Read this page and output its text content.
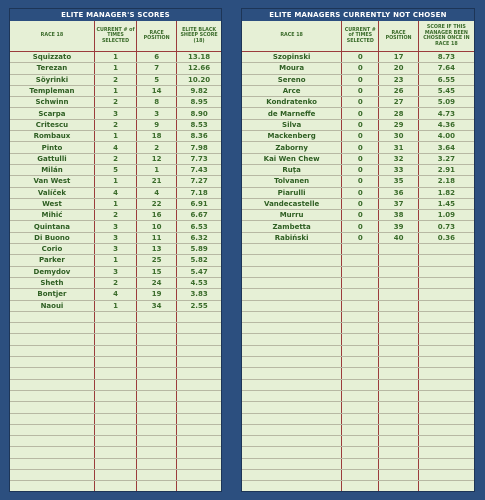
ELITE MANAGER'S SCORES			
RACE 18	CURRENT # of TIMES SELECTED	RACE POSITION	ELITE BLACK SHEEP SCORE (18)
Squizzato	1	6	13.18
Terezan	1	7	12.66
Söyrinki	2	5	10.20
Templeman	1	14	9.82
Schwinn	2	8	8.95
Scarpa	3	3	8.90
Critescu	2	9	8.53
Rombaux	1	18	8.36
Pinto	4	2	7.98
Gattulli	2	12	7.73
Milán	5	1	7.43
Van West	1	21	7.27
Valíček	4	4	7.18
West	1	22	6.91
Mihić	2	16	6.67
Quintana	3	10	6.53
Di Buono	3	11	6.32
Corio	3	13	5.89
Parker	1	25	5.82
Demydov	3	15	5.47
Sheth	2	24	4.53
Bontjer	4	19	3.83
Naoui	1	34	2.55

ELITE MANAGERS CURRENTLY NOT CHOSEN			
RACE 18	CURRENT # of TIMES SELECTED	RACE POSITION	SCORE IF THIS MANAGER BEEN CHOSEN ONCE IN RACE 18
Szopinski	0	17	8.73
Moura	0	20	7.64
Sereno	0	23	6.55
Arce	0	26	5.45
Kondratenko	0	27	5.09
de Marneffe	0	28	4.73
Silva	0	29	4.36
Mackenberg	0	30	4.00
Zaborny	0	31	3.64
Kai Wen Chew	0	32	3.27
Ruța	0	33	2.91
Tolvanen	0	35	2.18
Piarulli	0	36	1.82
Vandecastelle	0	37	1.45
Murru	0	38	1.09
Zambetta	0	39	0.73
Rabiński	0	40	0.36
